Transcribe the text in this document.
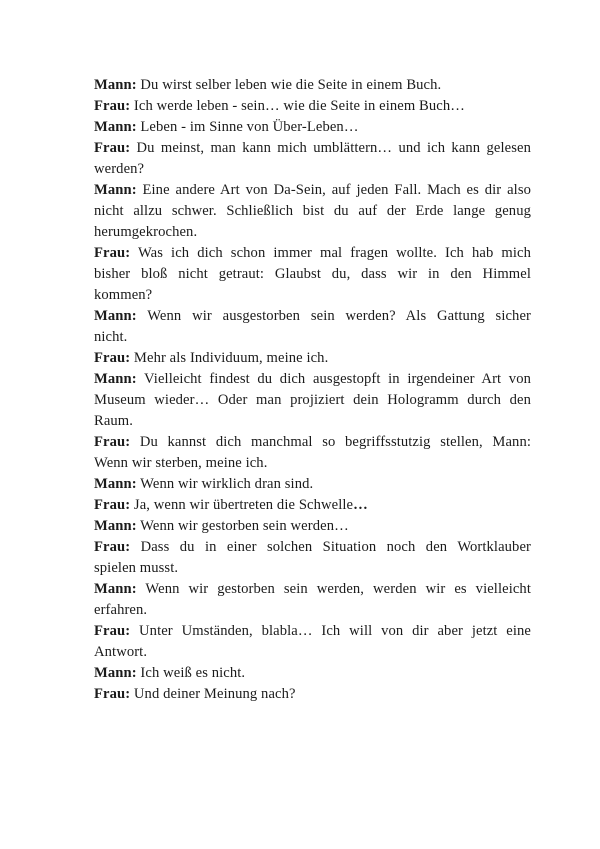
Mann: Du wirst selber leben wie die Seite in einem Buch.
Frau: Ich werde leben - sein… wie die Seite in einem Buch…
Mann: Leben - im Sinne von Über-Leben…
Frau: Du meinst, man kann mich umblättern… und ich kann gelesen
werden?
Mann: Eine andere Art von Da-Sein, auf jeden Fall. Mach es dir also
nicht allzu schwer. Schließlich bist du auf der Erde lange genug
herumgekrochen.
Frau: Was ich dich schon immer mal fragen wollte. Ich hab mich
bisher bloß nicht getraut: Glaubst du, dass wir in den Himmel
kommen?
Mann: Wenn wir ausgestorben sein werden? Als Gattung sicher
nicht.
Frau: Mehr als Individuum, meine ich.
Mann: Vielleicht findest du dich ausgestopft in irgendeiner Art von
Museum wieder… Oder man projiziert dein Hologramm durch den
Raum.
Frau: Du kannst dich manchmal so begriffsstutzig stellen, Mann:
Wenn wir sterben, meine ich.
Mann: Wenn wir wirklich dran sind.
Frau: Ja, wenn wir übertreten die Schwelle…
Mann: Wenn wir gestorben sein werden…
Frau: Dass du in einer solchen Situation noch den Wortklauber
spielen musst.
Mann: Wenn wir gestorben sein werden, werden wir es vielleicht
erfahren.
Frau: Unter Umständen, blabla… Ich will von dir aber jetzt eine
Antwort.
Mann: Ich weiß es nicht.
Frau: Und deiner Meinung nach?
